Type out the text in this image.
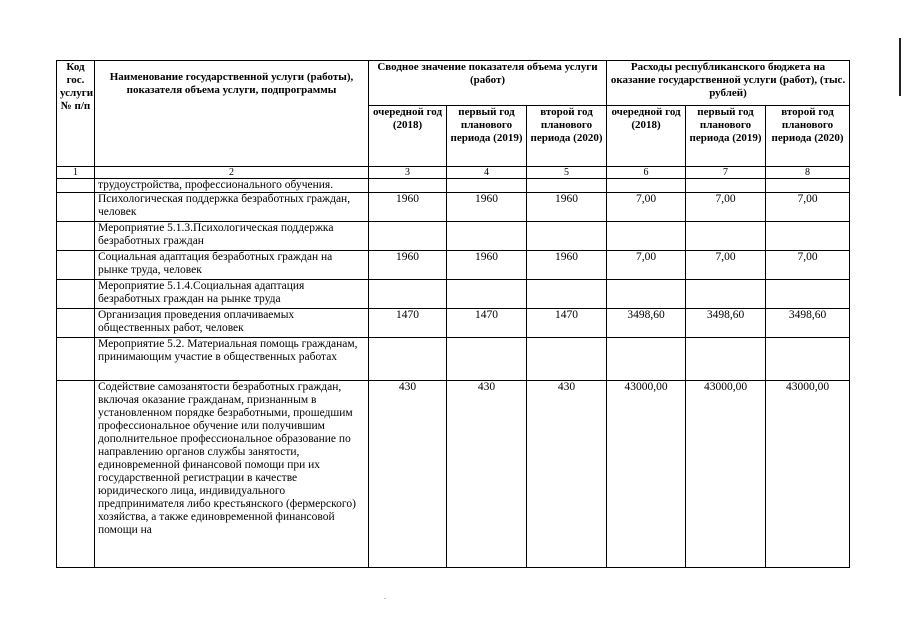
Код гос. услуги № п/п	Наименование государственной услуги (работы), показателя объема услуги, подпрограммы	Сводное значение показателя объема услуги (работ)			Расходы республиканского бюджета на оказание государственной услуги (работ), (тыс. рублей)		
		очередной год (2018)	первый год планового периода (2019)	второй год планового периода (2020)	очередной год (2018)	первый год планового периода (2019)	второй год планового периода (2020)
1	2	3	4	5	6	7	8
	трудоустройства, профессионального обучения.						
	Психологическая поддержка безработных граждан, человек	1960	1960	1960	7,00	7,00	7,00
	Мероприятие 5.1.3.Психологическая поддержка безработных граждан						
	Социальная адаптация безработных граждан на рынке труда, человек	1960	1960	1960	7,00	7,00	7,00
	Мероприятие 5.1.4.Социальная адаптация безработных граждан на рынке труда						
	Организация проведения оплачиваемых общественных работ, человек	1470	1470	1470	3498,60	3498,60	3498,60
	Мероприятие 5.2. Материальная помощь гражданам, принимающим участие в общественных работах						
	Содействие самозанятости безработных граждан, включая оказание гражданам, признанным в установленном порядке безработными, прошедшим профессиональное обучение или получившим дополнительное профессиональное образование по направлению органов службы занятости, единовременной финансовой помощи при их государственной регистрации в качестве юридического лица, индивидуального предпринимателя либо крестьянского (фермерского) хозяйства, а также единовременной финансовой помощи на	430	430	430	43000,00	43000,00	43000,00
